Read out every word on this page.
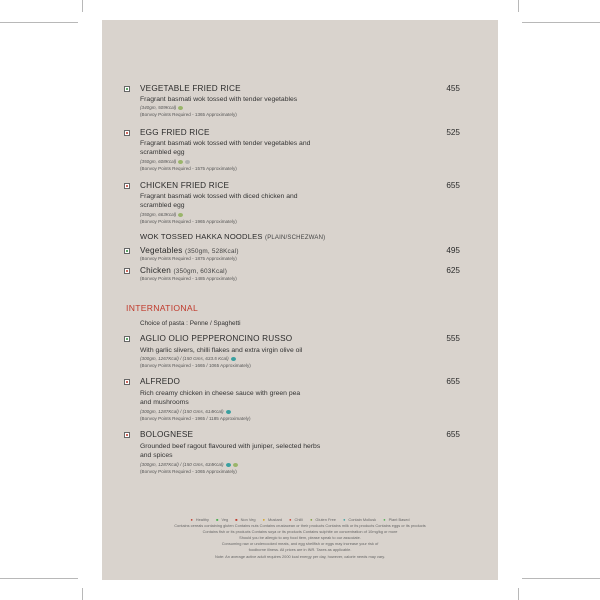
VEGETABLE FRIED RICE	455
Fragrant basmati wok tossed with tender vegetables
(340gm, 509Kcal)
(Bonvoy Points Required - 1365 Approximately)
EGG FRIED RICE	525
Fragrant basmati wok tossed with tender vegetables and scrambled egg
(350gm, 608Kcal)
(Bonvoy Points Required - 1575 Approximately)
CHICKEN FRIED RICE	655
Fragrant basmati wok tossed with diced chicken and scrambled egg
(350gm, 663Kcal)
(Bonvoy Points Required - 1965 Approximately)
WOK TOSSED HAKKA NOODLES (PLAIN/SCHEZWAN)
Vegetables (350gm, 528Kcal)	495
(Bonvoy Points Required - 1875 Approximately)
Chicken (350gm, 603Kcal)	625
(Bonvoy Points Required - 1485 Approximately)
INTERNATIONAL
Choice of pasta : Penne / Spaghetti
AGLIO OLIO PEPPERONCINO RUSSO	555
With garlic slivers, chilli flakes and extra virgin olive oil
(300gm, 1267Kcal) / (150 Gms, 633.5 Kcal)
(Bonvoy Points Required - 1665 / 1065 Approximately)
ALFREDO	655
Rich creamy chicken in cheese sauce with green pea and mushrooms
(300gm, 1287Kcal) / (150 Gms, 614Kcal)
(Bonvoy Points Required - 1965 / 1185 Approximately)
BOLOGNESE	655
Grounded beef ragout flavoured with juniper, selected herbs and spices
(300gm, 1287Kcal) / (150 Gms, 634Kcal)
(Bonvoy Points Required - 1065 Approximately)
● Healthy ■ Veg ■ Non Veg ● Mustard ● Chilli ● Gluten Free ● Contain Mollusk ● Plant Based
Contains cereals containing gluten Contains nuts Contains crustacean or their products Contains milk or its products Contains eggs or its products
Contains fish or its products Contains soya or its products Contains sulphite on concentration of 10mg/kg or more
Should you be allergic to any food item, please speak to our associate.
Consuming raw or undercooked meats, and egg shellfish or eggs may increase your risk of
foodborne illness. All prices are in INR. Taxes as applicable.
Note: An average active adult requires 2000 kcal energy per day, however, calorie needs may vary.
